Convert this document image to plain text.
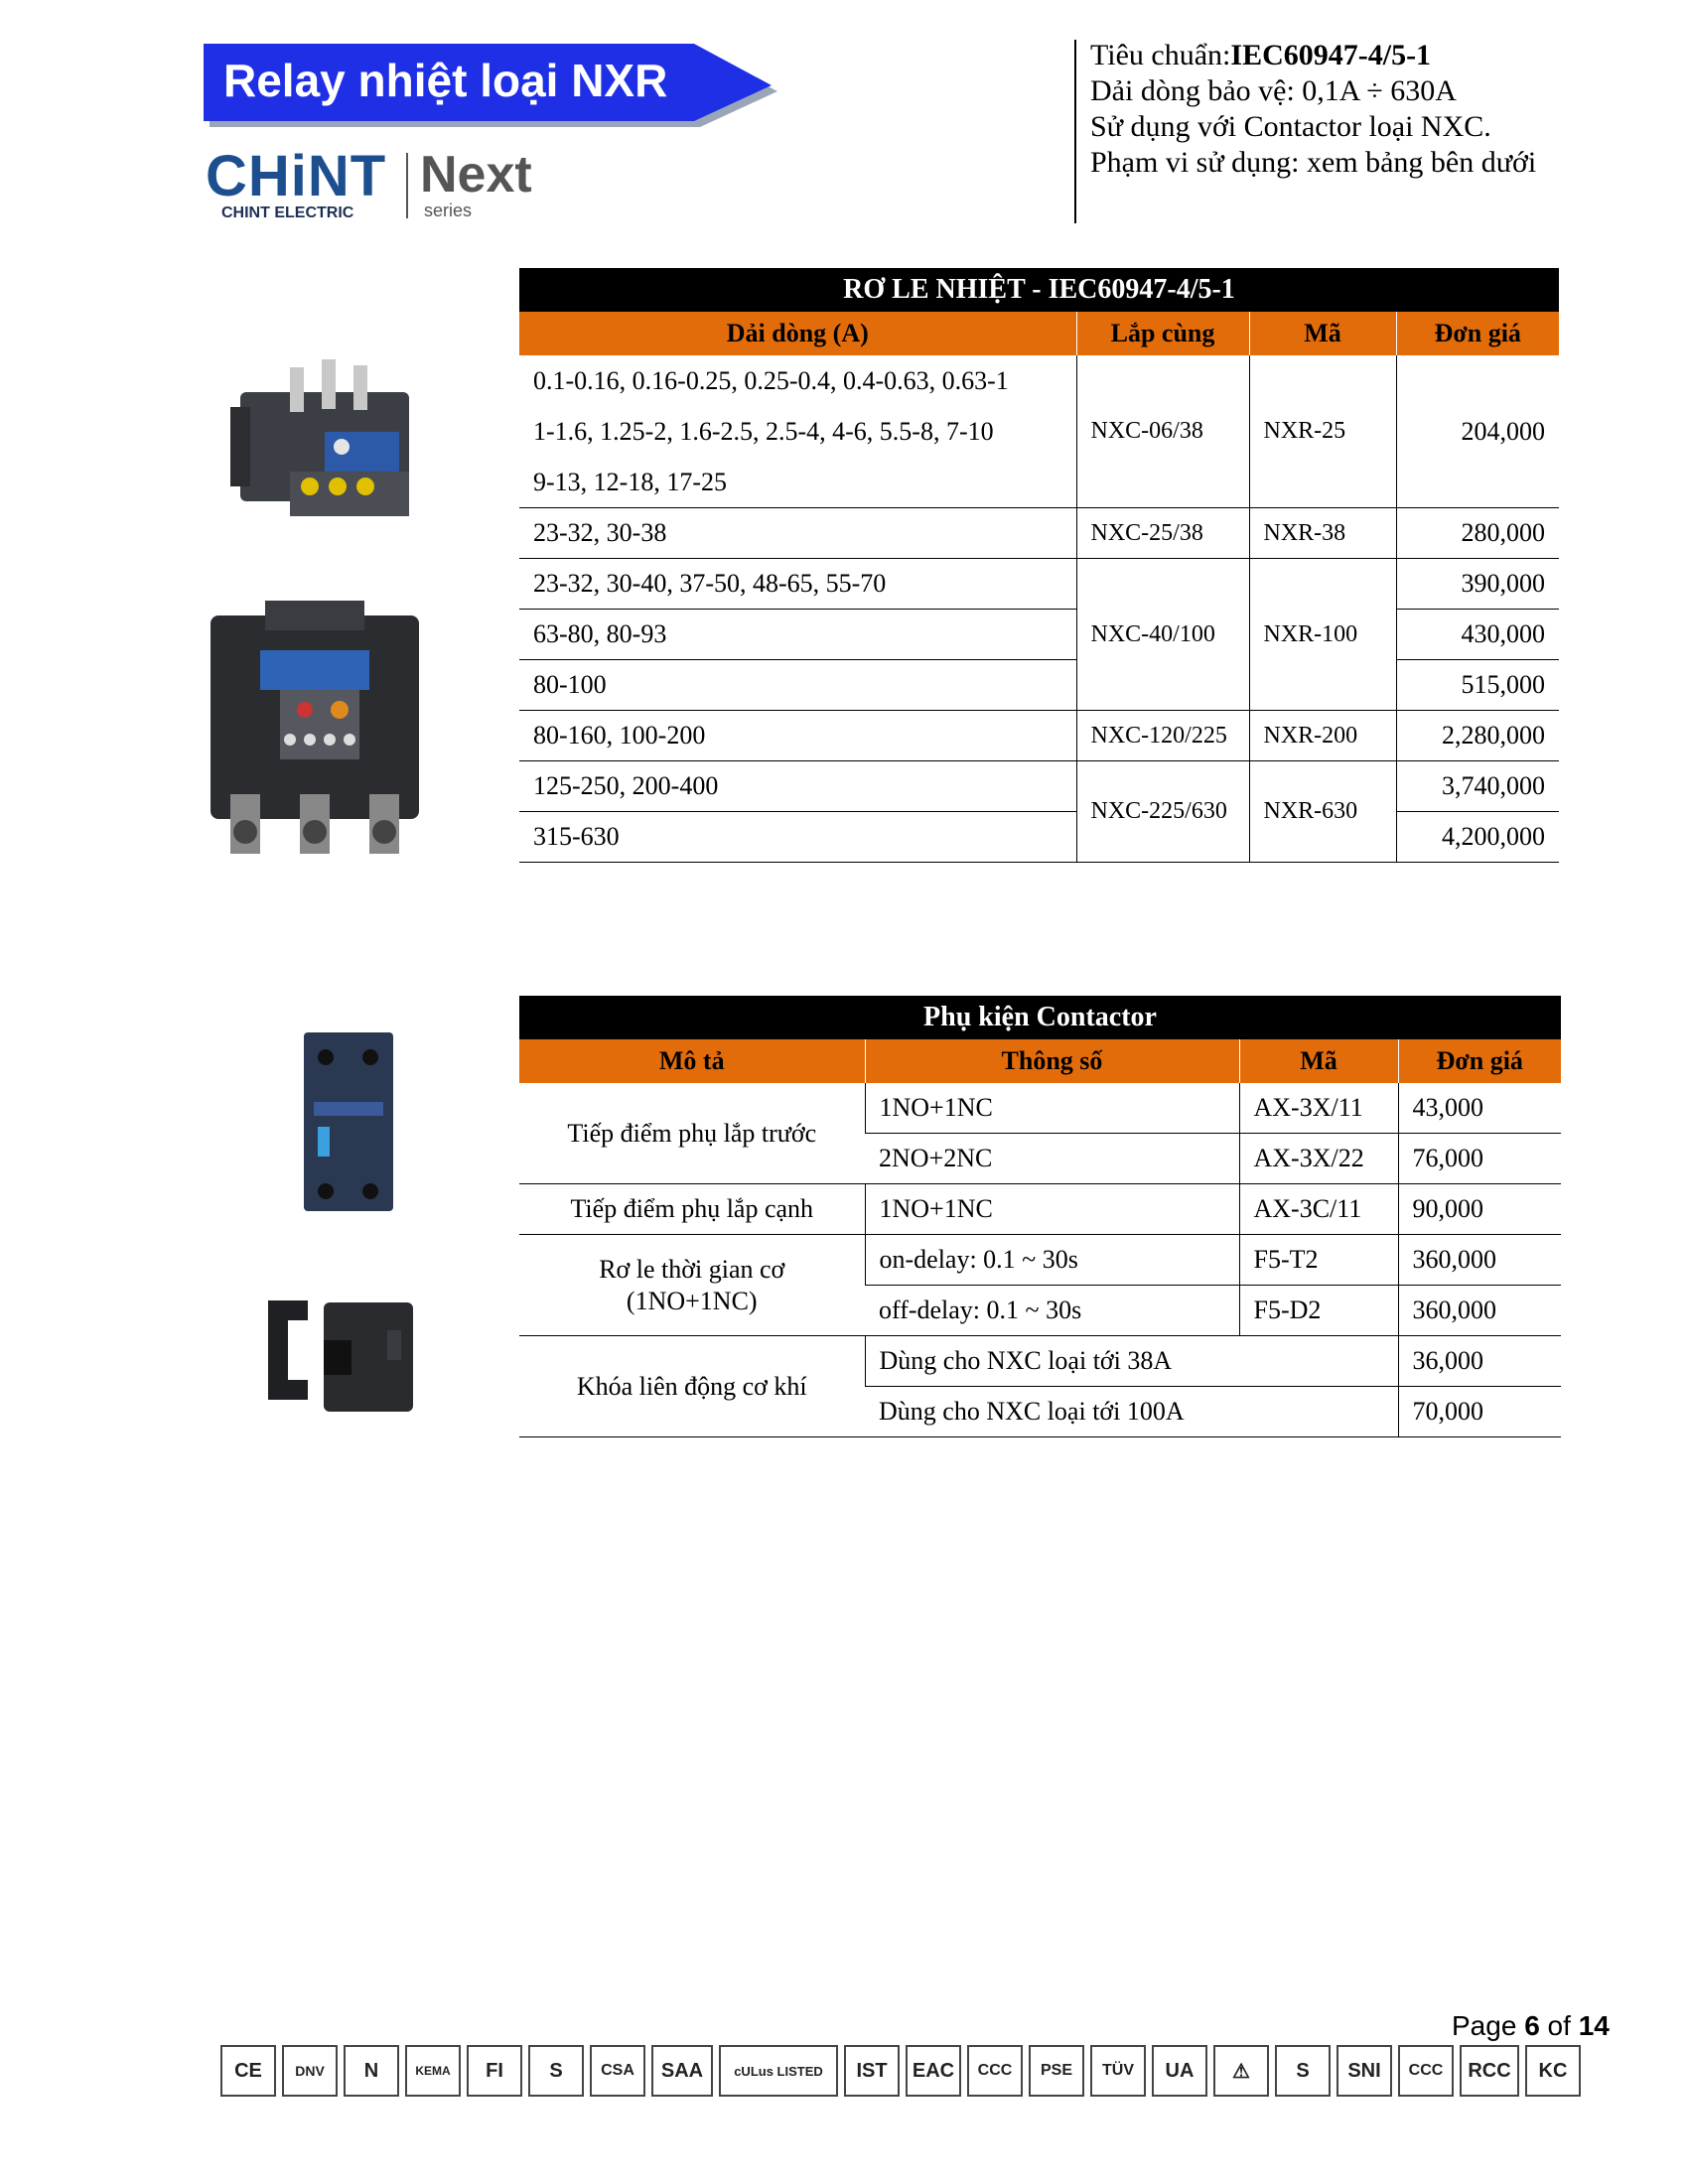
Relay nhiệt loại NXR
CHiNT
CHINT ELECTRIC
Next
series
Tiêu chuẩn:IEC60947-4/5-1
Dải dòng bảo vệ: 0,1A ÷ 630A
Sử dụng với Contactor loại NXC.
Phạm vi sử dụng: xem bảng bên dưới
RƠ LE NHIỆT - IEC60947-4/5-1			
Dải dòng (A)	Lắp cùng	Mã	Đơn giá

0.1-0.16, 0.16-0.25, 0.25-0.4, 0.4-0.63, 0.63-1
1-1.6, 1.25-2, 1.6-2.5, 2.5-4, 4-6, 5.5-8, 7-10
9-13, 12-18, 17-25	NXC-06/38	NXR-25	204,000
23-32, 30-38	NXC-25/38	NXR-38	280,000
23-32, 30-40, 37-50, 48-65, 55-70	NXC-40/100	NXR-100	390,000
63-80, 80-93			430,000
80-100			515,000
80-160, 100-200	NXC-120/225	NXR-200	2,280,000
125-250, 200-400	NXC-225/630	NXR-630	3,740,000
315-630			4,200,000
Phụ kiện Contactor			
Mô tả	Thông số	Mã	Đơn giá
Tiếp điểm phụ lắp trước	1NO+1NC	AX-3X/11	43,000
	2NO+2NC	AX-3X/22	76,000
Tiếp điểm phụ lắp cạnh	1NO+1NC	AX-3C/11	90,000

Rơ le thời gian cơ
(1NO+1NC)	on-delay: 0.1 ~ 30s	F5-T2	360,000
	off-delay: 0.1 ~ 30s	F5-D2	360,000
Khóa liên động cơ khí	Dùng cho NXC loại tới 38A		36,000
	Dùng cho NXC loại tới 100A		70,000
Page 6 of 14
CE	DNV	N	KEMA	FI	S	CSA	SAA	cULus LISTED	IST	EAC	CCC	PSE	TÜV	UA	⚠	S	SNI	CCC	RCC	KC
